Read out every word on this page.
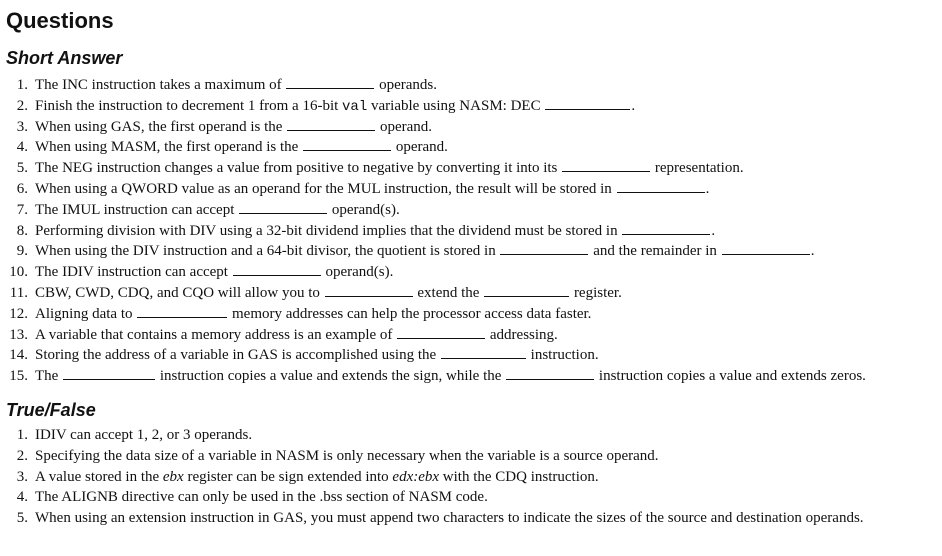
Questions
Short Answer
1. The INC instruction takes a maximum of	operands.
2. Finish the instruction to decrement 1 from a 16-bit val variable using NASM: DEC	.
3. When using GAS, the first operand is the	operand.
4. When using MASM, the first operand is the	operand.
5. The NEG instruction changes a value from positive to negative by converting it into its	representation.
6. When using a QWORD value as an operand for the MUL instruction, the result will be stored in	.
7. The IMUL instruction can accept	operand(s).
8. Performing division with DIV using a 32-bit dividend implies that the dividend must be stored in	.
9. When using the DIV instruction and a 64-bit divisor, the quotient is stored in	and the remainder in	.
10. The IDIV instruction can accept	operand(s).
11. CBW, CWD, CDQ, and CQO will allow you to	extend the	register.
12. Aligning data to	memory addresses can help the processor access data faster.
13. A variable that contains a memory address is an example of	addressing.
14. Storing the address of a variable in GAS is accomplished using the	instruction.
15. The	instruction copies a value and extends the sign, while the	instruction copies a value and extends zeros.
True/False
1. IDIV can accept 1, 2, or 3 operands.
2. Specifying the data size of a variable in NASM is only necessary when the variable is a source operand.
3. A value stored in the ebx register can be sign extended into edx:ebx with the CDQ instruction.
4. The ALIGNB directive can only be used in the .bss section of NASM code.
5. When using an extension instruction in GAS, you must append two characters to indicate the sizes of the source and destination operands.
